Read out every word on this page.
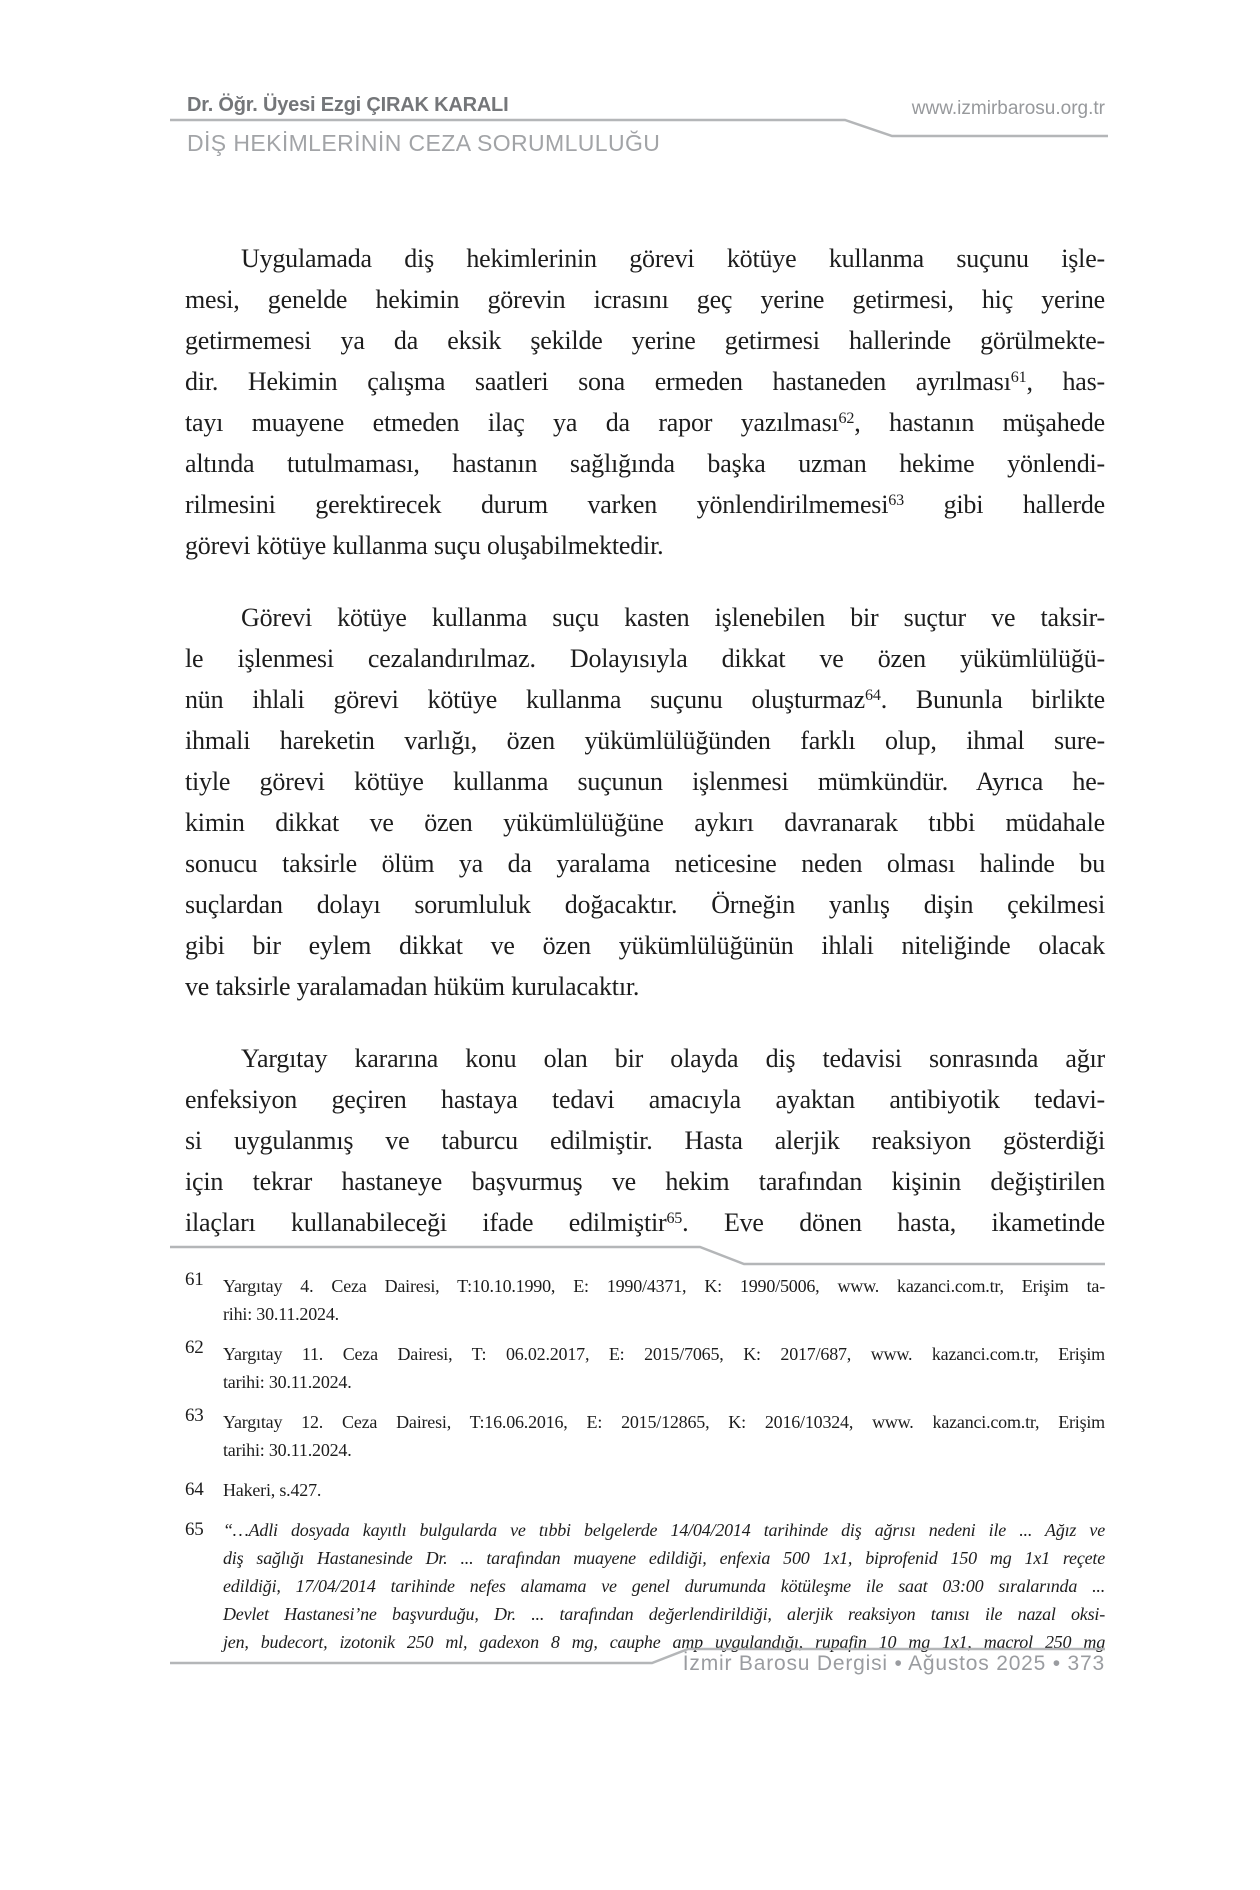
Dr. Öğr. Üyesi Ezgi ÇIRAK KARALI	www.izmirbarosu.org.tr
DİŞ HEKİMLERİNİN CEZA SORUMLULUĞU
Uygulamada diş hekimlerinin görevi kötüye kullanma suçunu işle-
mesi, genelde hekimin görevin icrasını geç yerine getirmesi, hiç yerine
getirmemesi ya da eksik şekilde yerine getirmesi hallerinde görülmekte-
dir. Hekimin çalışma saatleri sona ermeden hastaneden ayrılması$^{61}$, has-
tayı muayene etmeden ilaç ya da rapor yazılması$^{62}$, hastanın müşahede
altında tutulmaması, hastanın sağlığında başka uzman hekime yönlendi-
rilmesini gerektirecek durum varken yönlendirilmemesi$^{63}$ gibi hallerde
görevi kötüye kullanma suçu oluşabilmektedir.
Görevi kötüye kullanma suçu kasten işlenebilen bir suçtur ve taksir-
le işlenmesi cezalandırılmaz. Dolayısıyla dikkat ve özen yükümlülüğü-
nün ihlali görevi kötüye kullanma suçunu oluşturmaz$^{64}$. Bununla birlikte
ihmali hareketin varlığı, özen yükümlülüğünden farklı olup, ihmal sure-
tiyle görevi kötüye kullanma suçunun işlenmesi mümkündür. Ayrıca he-
kimin dikkat ve özen yükümlülüğüne aykırı davranarak tıbbi müdahale
sonucu taksirle ölüm ya da yaralama neticesine neden olması halinde bu
suçlardan dolayı sorumluluk doğacaktır. Örneğin yanlış dişin çekilmesi
gibi bir eylem dikkat ve özen yükümlülüğünün ihlali niteliğinde olacak
ve taksirle yaralamadan hüküm kurulacaktır.
Yargıtay kararına konu olan bir olayda diş tedavisi sonrasında ağır
enfeksiyon geçiren hastaya tedavi amacıyla ayaktan antibiyotik tedavi-
si uygulanmış ve taburcu edilmiştir. Hasta alerjik reaksiyon gösterdiği
için tekrar hastaneye başvurmuş ve hekim tarafından kişinin değiştirilen
ilaçları kullanabileceği ifade edilmiştir$^{65}$. Eve dönen hasta, ikametinde
61	Yargıtay 4. Ceza Dairesi, T:10.10.1990, E: 1990/4371, K: 1990/5006, www. kazanci.com.tr, Erişim ta-
rihi: 30.11.2024.
62	Yargıtay 11. Ceza Dairesi, T: 06.02.2017, E: 2015/7065, K: 2017/687, www. kazanci.com.tr, Erişim
tarihi: 30.11.2024.
63	Yargıtay 12. Ceza Dairesi, T:16.06.2016, E: 2015/12865, K: 2016/10324, www. kazanci.com.tr, Erişim
tarihi: 30.11.2024.
64	Hakeri, s.427.
65	“…Adli dosyada kayıtlı bulgularda ve tıbbi belgelerde 14/04/2014 tarihinde diş ağrısı nedeni ile ... Ağız ve
diş sağlığı Hastanesinde Dr. ... tarafından muayene edildiği, enfexia 500 1x1, biprofenid 150 mg 1x1 reçete
edildiği, 17/04/2014 tarihinde nefes alamama ve genel durumunda kötüleşme ile saat 03:00 sıralarında ...
Devlet Hastanesi’ne başvurduğu, Dr. ... tarafından değerlendirildiği, alerjik reaksiyon tanısı ile nazal oksi-
jen, budecort, izotonik 250 ml, gadexon 8 mg, cauphe amp uygulandığı, rupafin 10 mg 1x1, macrol 250 mg
İzmir Barosu Dergisi • Ağustos 2025 • 373
